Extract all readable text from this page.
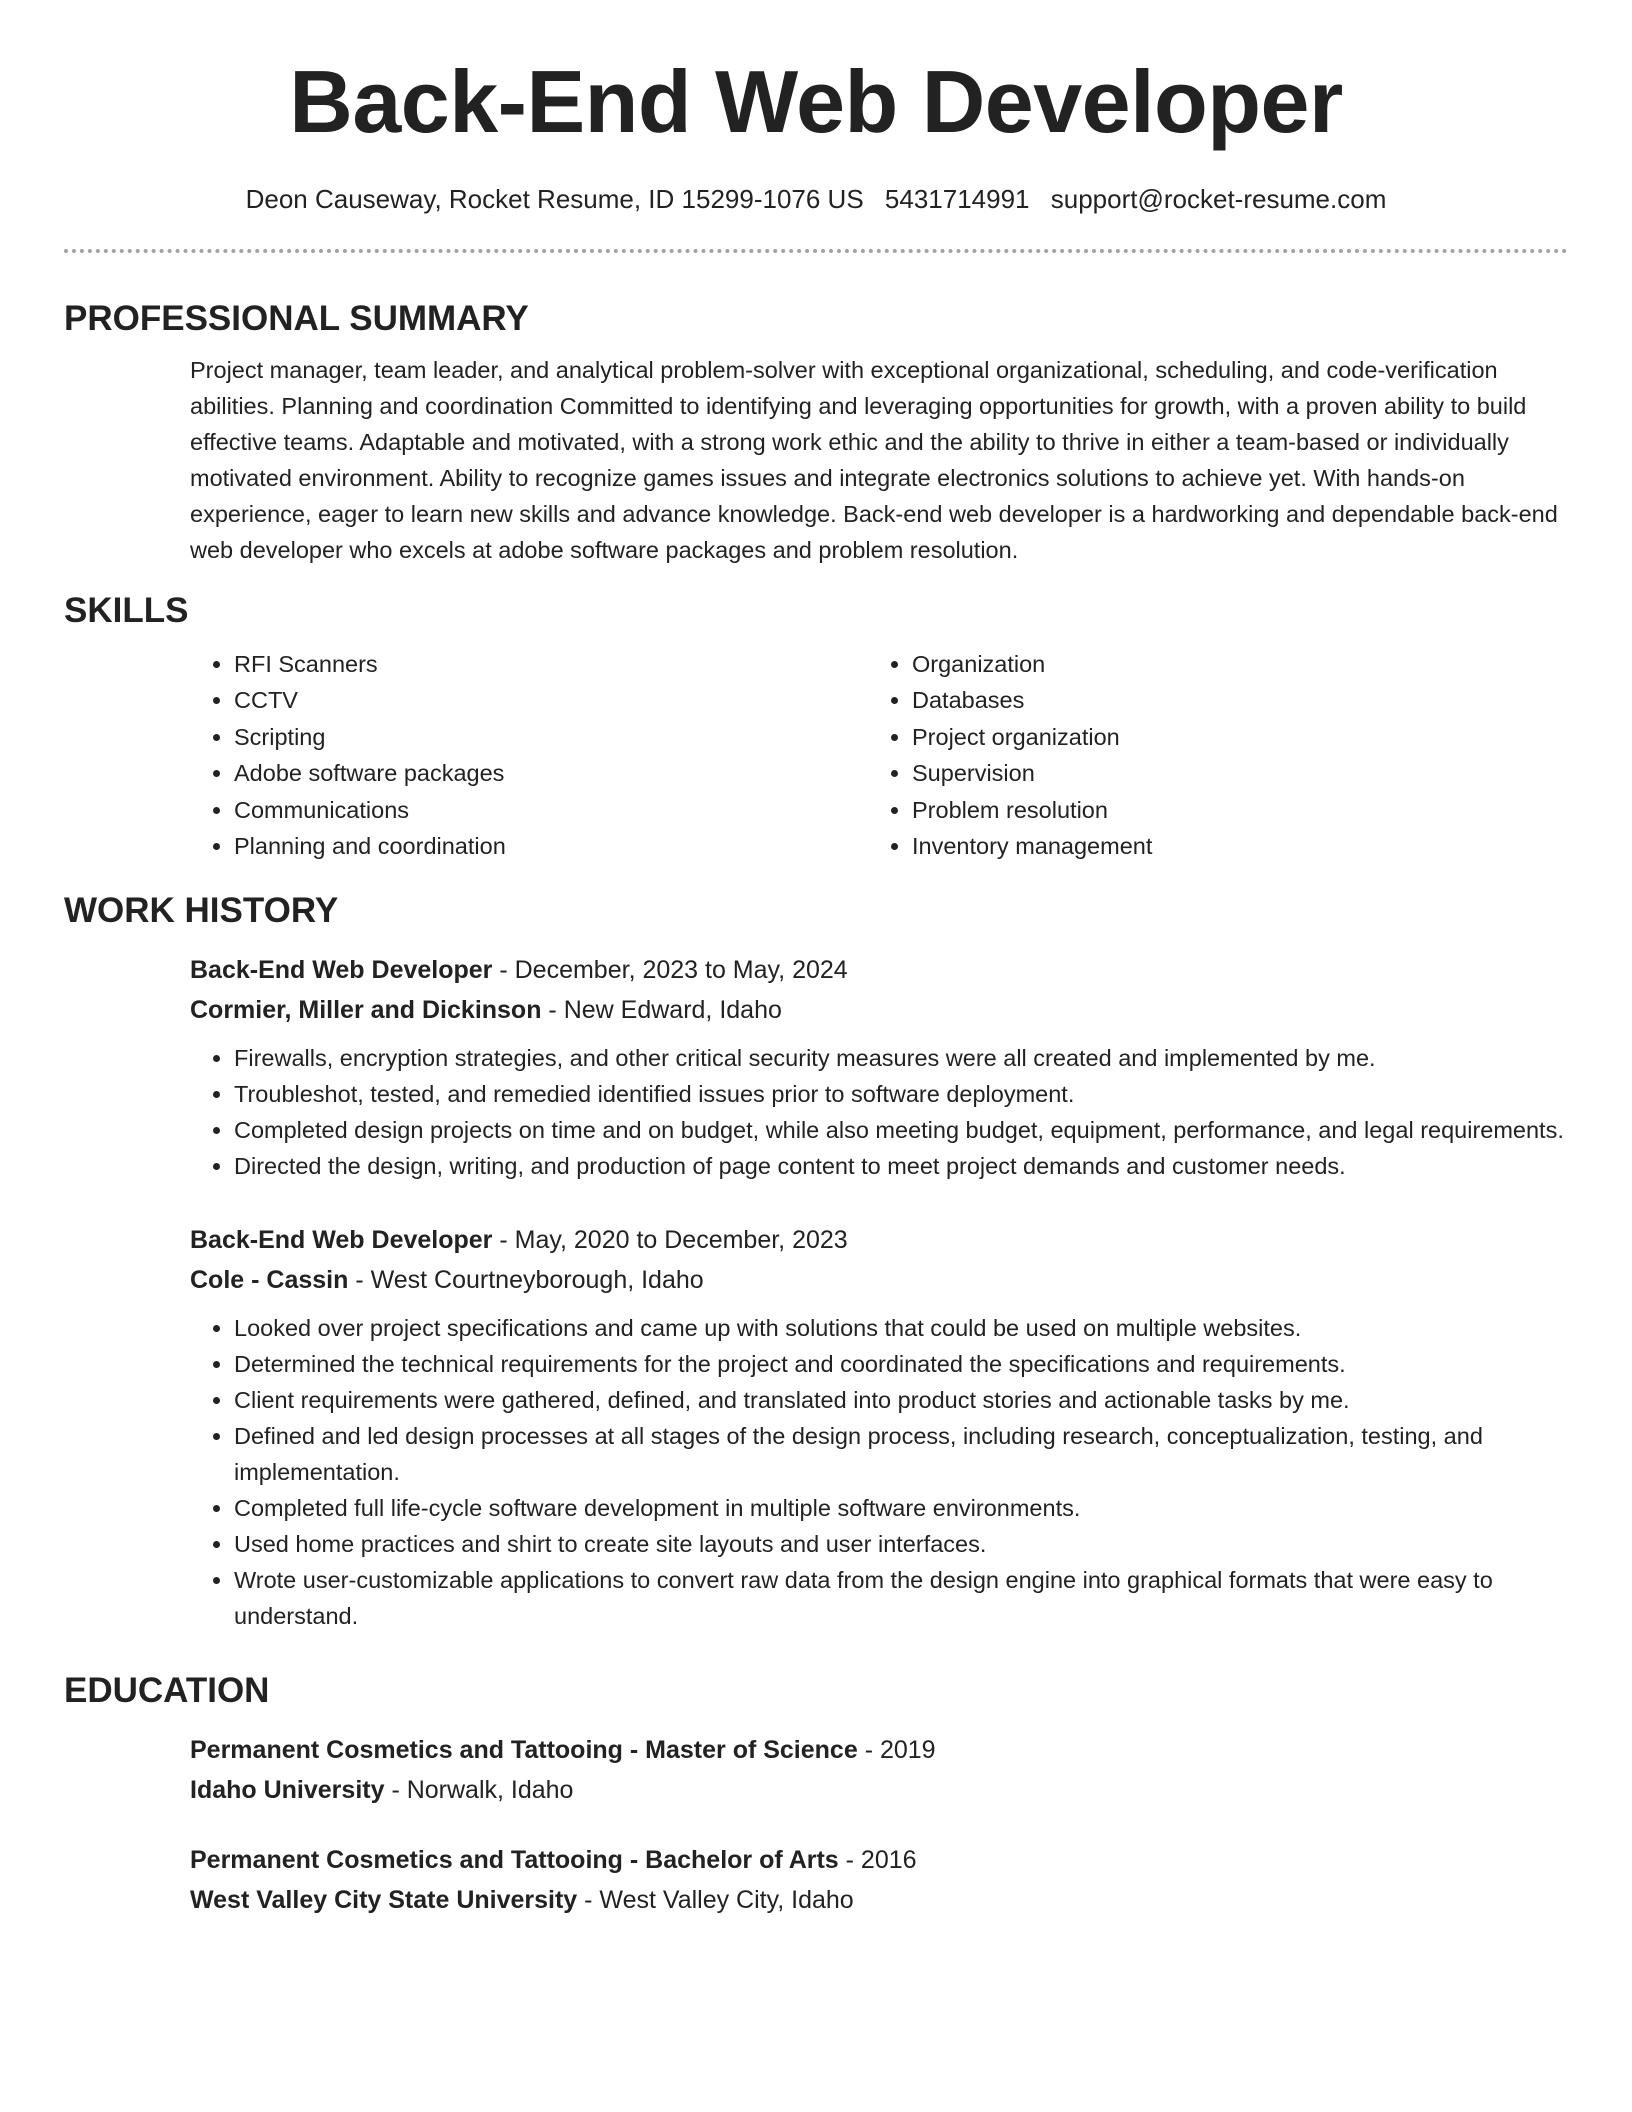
Back-End Web Developer
Deon Causeway, Rocket Resume, ID 15299-1076 US 5431714991 support@rocket-resume.com
PROFESSIONAL SUMMARY

Project manager, team leader, and analytical problem-solver with exceptional organizational, scheduling, and code-verification abilities. Planning and coordination Committed to identifying and leveraging opportunities for growth, with a proven ability to build effective teams. Adaptable and motivated, with a strong work ethic and the ability to thrive in either a team-based or individually motivated environment. Ability to recognize games issues and integrate electronics solutions to achieve yet. With hands-on experience, eager to learn new skills and advance knowledge. Back-end web developer is a hardworking and dependable back-end web developer who excels at adobe software packages and problem resolution.

SKILLS
• RFI Scanners
• CCTV
• Scripting
• Adobe software packages
• Communications
• Planning and coordination
• Organization
• Databases
• Project organization
• Supervision
• Problem resolution
• Inventory management
WORK HISTORY

Back-End Web Developer - December, 2023 to May, 2024

Cormier, Miller and Dickinson - New Edward, Idaho

• Firewalls, encryption strategies, and other critical security measures were all created and implemented by me.
• Troubleshot, tested, and remedied identified issues prior to software deployment.
• Completed design projects on time and on budget, while also meeting budget, equipment, performance, and legal requirements.
• Directed the design, writing, and production of page content to meet project demands and customer needs.

Back-End Web Developer - May, 2020 to December, 2023

Cole - Cassin - West Courtneyborough, Idaho

• Looked over project specifications and came up with solutions that could be used on multiple websites.
• Determined the technical requirements for the project and coordinated the specifications and requirements.
• Client requirements were gathered, defined, and translated into product stories and actionable tasks by me.
• Defined and led design processes at all stages of the design process, including research, conceptualization, testing, and implementation.
• Completed full life-cycle software development in multiple software environments.
• Used home practices and shirt to create site layouts and user interfaces.
• Wrote user-customizable applications to convert raw data from the design engine into graphical formats that were easy to understand.
EDUCATION

Permanent Cosmetics and Tattooing - Master of Science - 2019

Idaho University - Norwalk, Idaho

Permanent Cosmetics and Tattooing - Bachelor of Arts - 2016

West Valley City State University - West Valley City, Idaho
